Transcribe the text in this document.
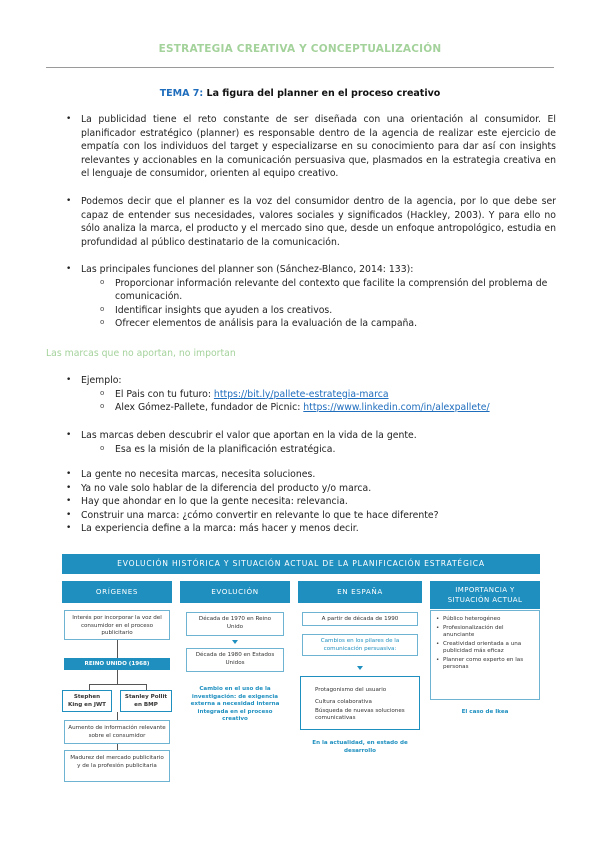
ESTRATEGIA CREATIVA Y CONCEPTUALIZACIÓN
TEMA 7: La figura del planner en el proceso creativo
• La publicidad tiene el reto constante de ser diseñada con una orientación al consumidor. El planificador estratégico (planner) es responsable dentro de la agencia de realizar este ejercicio de empatía con los individuos del target y especializarse en su conocimiento para dar así con insights relevantes y accionables en la comunicación persuasiva que, plasmados en la estrategia creativa en el lenguaje de consumidor, orienten al equipo creativo.
• Podemos decir que el planner es la voz del consumidor dentro de la agencia, por lo que debe ser capaz de entender sus necesidades, valores sociales y significados (Hackley, 2003). Y para ello no sólo analiza la marca, el producto y el mercado sino que, desde un enfoque antropológico, estudia en profundidad al público destinatario de la comunicación.
• Las principales funciones del planner son (Sánchez-Blanco, 2014: 133):
o Proporcionar información relevante del contexto que facilite la comprensión del problema de comunicación.
o Identificar insights que ayuden a los creativos.
o Ofrecer elementos de análisis para la evaluación de la campaña.
Las marcas que no aportan, no importan
• Ejemplo:
o El Pais con tu futuro: https://bit.ly/pallete-estrategia-marca
o Alex Gómez-Pallete, fundador de Picnic: https://www.linkedin.com/in/alexpallete/
• Las marcas deben descubrir el valor que aportan en la vida de la gente.
o Esa es la misión de la planificación estratégica.
• La gente no necesita marcas, necesita soluciones.
• Ya no vale solo hablar de la diferencia del producto y/o marca.
• Hay que ahondar en lo que la gente necesita: relevancia.
• Construir una marca: ¿cómo convertir en relevante lo que te hace diferente?
• La experiencia define a la marca: más hacer y menos decir.
EVOLUCIÓN HISTÓRICA Y SITUACIÓN ACTUAL DE LA PLANIFICACIÓN ESTRATÉGICA
ORÍGENES
Interés por incorporar la voz del consumidor en el proceso publicitario
REINO UNIDO (1968)
Stephen King en JWT
Stanley Pollit en BMP
Aumento de información relevante sobre el consumidor
Madurez del mercado publicitario y de la profesión publicitaria
EVOLUCIÓN
Década de 1970 en Reino Unido
Década de 1980 en Estados Unidos
Cambio en el uso de la investigación: de exigencia externa a necesidad interna integrada en el proceso creativo
EN ESPAÑA
A partir de década de 1990
Cambios en los pilares de la comunicación persuasiva:
Protagonismo del usuario
Cultura colaborativa
Búsqueda de nuevas soluciones comunicativas
En la actualidad, en estado de desarrollo
IMPORTANCIA Y
SITUACIÓN ACTUAL
• Público heterogéneo
• Profesionalización del anunciante
• Creatividad orientada a una publicidad más eficaz
• Planner como experto en las personas
El caso de Ikea
